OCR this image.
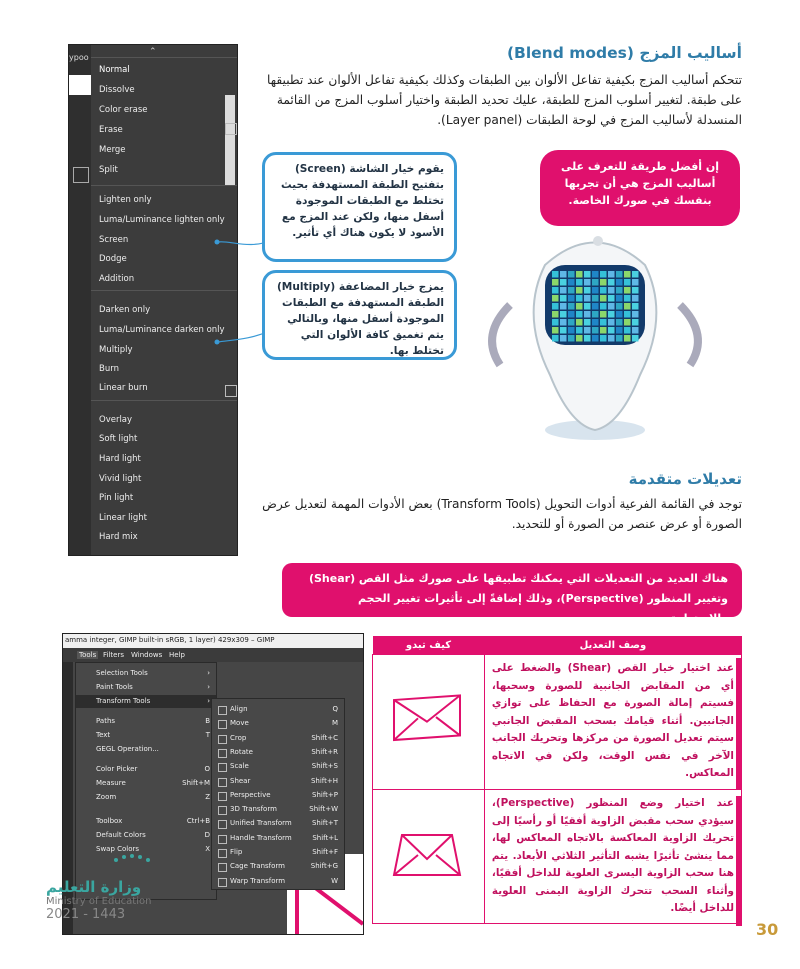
ypoo
⌃
Normal
Dissolve
Color erase
Erase
Merge
Split
Lighten only
Luma/Luminance lighten only
Screen
Dodge
Addition
Darken only
Luma/Luminance darken only
Multiply
Burn
Linear burn
Overlay
Soft light
Hard light
Vivid light
Pin light
Linear light
Hard mix
أساليب المزج (Blend modes)
تتحكم أساليب المزج بكيفية تفاعل الألوان بين الطبقات وكذلك بكيفية تفاعل الألوان عند تطبيقها على طبقة. لتغيير أسلوب المزج للطبقة، عليك تحديد الطبقة واختيار أسلوب المزج من القائمة المنسدلة لأساليب المزج في لوحة الطبقات (Layer panel).
يقوم خيار الشاشة (Screen) بتفتيح الطبقة المستهدفة بحيث تختلط مع الطبقات الموجودة أسفل منها، ولكن عند المزج مع الأسود لا يكون هناك أي تأثير.
يمزج خيار المضاعفة (Multiply) الطبقة المستهدفة مع الطبقات الموجودة أسفل منها، وبالتالي يتم تغميق كافة الألوان التي تختلط بها.
إن أفضل طريقة للتعرف على أساليب المزج هي أن تجربها بنفسك في صورك الخاصة.
تعديلات متقدمة
توجد في القائمة الفرعية أدوات التحويل (Transform Tools) بعض الأدوات المهمة لتعديل عرض الصورة أو عرض عنصر من الصورة أو للتحديد.
هناك العديد من التعديلات التي يمكنك تطبيقها على صورك مثل القص (Shear) وتغيير المنظور (Perspective)، وذلك إضافةً إلى تأثيرات تغيير الحجم والاستدارة.
amma integer, GIMP built-in sRGB, 1 layer) 429x309 – GIMP
Tools Filters Windows Help
Selection Tools	›
Paint Tools	›
Transform Tools	›
Paths	B
Text	T
GEGL Operation...
Color Picker	O
Measure	Shift+M
Zoom	Z
Toolbox	Ctrl+B
Default Colors	D
Swap Colors	X
Align	Q
Move	M
Crop	Shift+C
Rotate	Shift+R
Scale	Shift+S
Shear	Shift+H
Perspective	Shift+P
3D Transform	Shift+W
Unified Transform	Shift+T
Handle Transform	Shift+L
Flip	Shift+F
Cage Transform	Shift+G
Warp Transform	W
كيف تبدو	وصف التعديل

عند اختيار خيار القص (Shear) والضغط على أي من المقابض الجانبية للصورة وسحبها، فسيتم إمالة الصورة مع الحفاظ على توازي الجانبين. أثناء قيامك بسحب المقبض الجانبي سيتم تعديل الصورة من مركزها وتحريك الجانب الآخر في نفس الوقت، ولكن في الاتجاه المعاكس.

عند اختيار وضع المنظور (Perspective)، سيؤدي سحب مقبض الزاوية أفقيًا أو رأسيًا إلى تحريك الزاوية المعاكسة بالاتجاه المعاكس لها، مما ينشئ تأثيرًا يشبه التأثير الثلاثي الأبعاد. يتم هنا سحب الزاوية اليسرى العلوية للداخل أفقيًا، وأثناء السحب تتحرك الزاوية اليمنى العلوية للداخل أيضًا.
وزارة التعليم
Ministry of Education
2021 - 1443
30
